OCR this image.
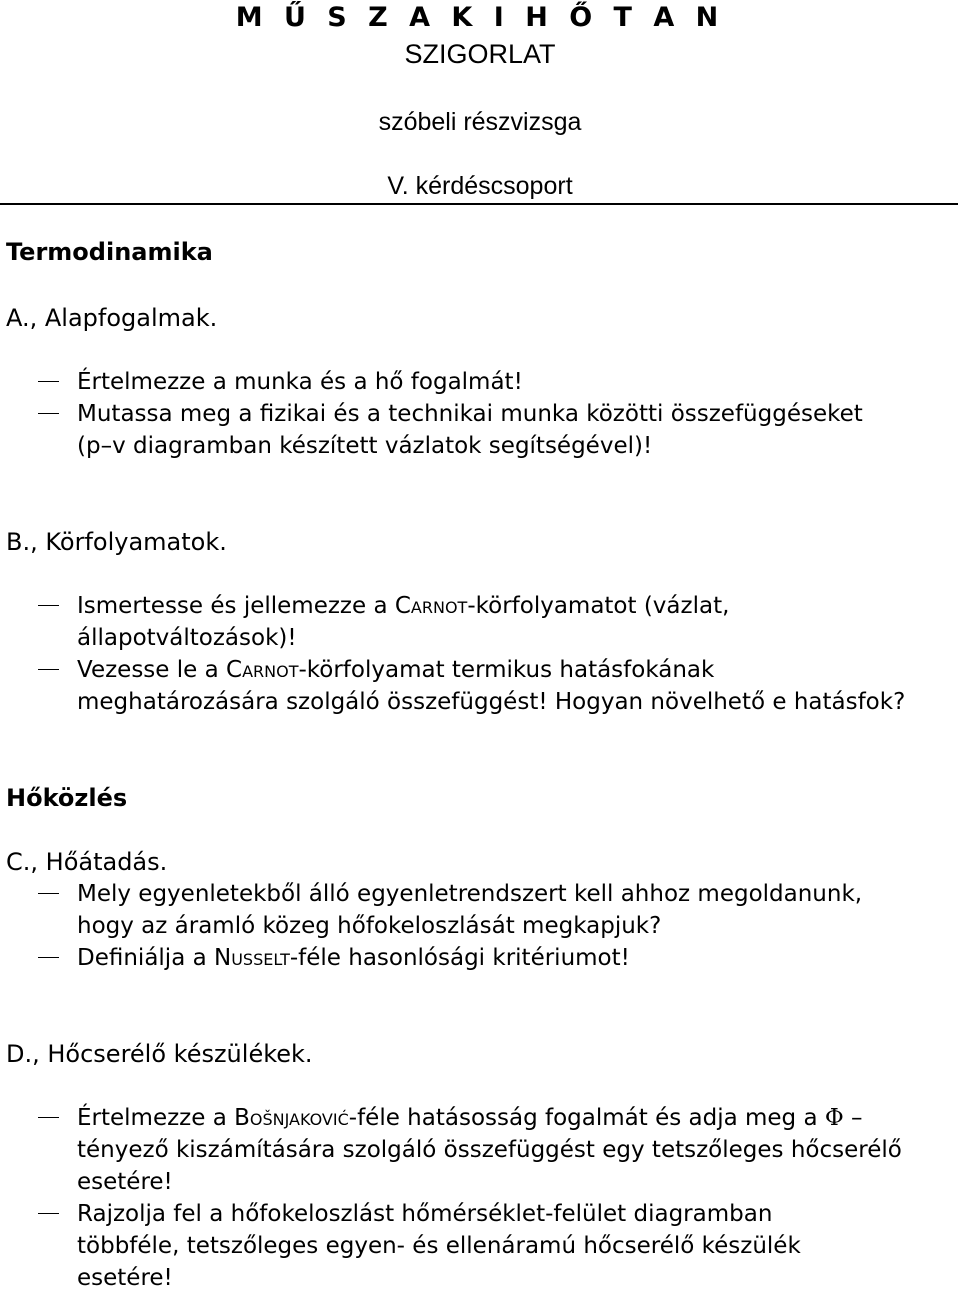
M Ű S Z A K I H Ő T A N
SZIGORLAT
szóbeli részvizsga
V. kérdéscsoport
Termodinamika
A., Alapfogalmak.
Értelmezze a munka és a hő fogalmát!
Mutassa meg a fizikai és a technikai munka közötti összefüggéseket
(p–v diagramban készített vázlatok segítségével)!
B., Körfolyamatok.
Ismertesse és jellemezze a Carnot-körfolyamatot (vázlat,
állapotváltozások)!
Vezesse le a Carnot-körfolyamat termikus hatásfokának
meghatározására szolgáló összefüggést! Hogyan növelhető e hatásfok?
Hőközlés
C., Hőátadás.
Mely egyenletekből álló egyenletrendszert kell ahhoz megoldanunk,
hogy az áramló közeg hőfokeloszlását megkapjuk?
Definiálja a Nusselt-féle hasonlósági kritériumot!
D., Hőcserélő készülékek.
Értelmezze a Bošnjaković-féle hatásosság fogalmát és adja meg a Φ –
tényező kiszámítására szolgáló összefüggést egy tetszőleges hőcserélő
esetére!
Rajzolja fel a hőfokeloszlást hőmérséklet-felület diagramban
többféle, tetszőleges egyen- és ellenáramú hőcserélő készülék
esetére!
